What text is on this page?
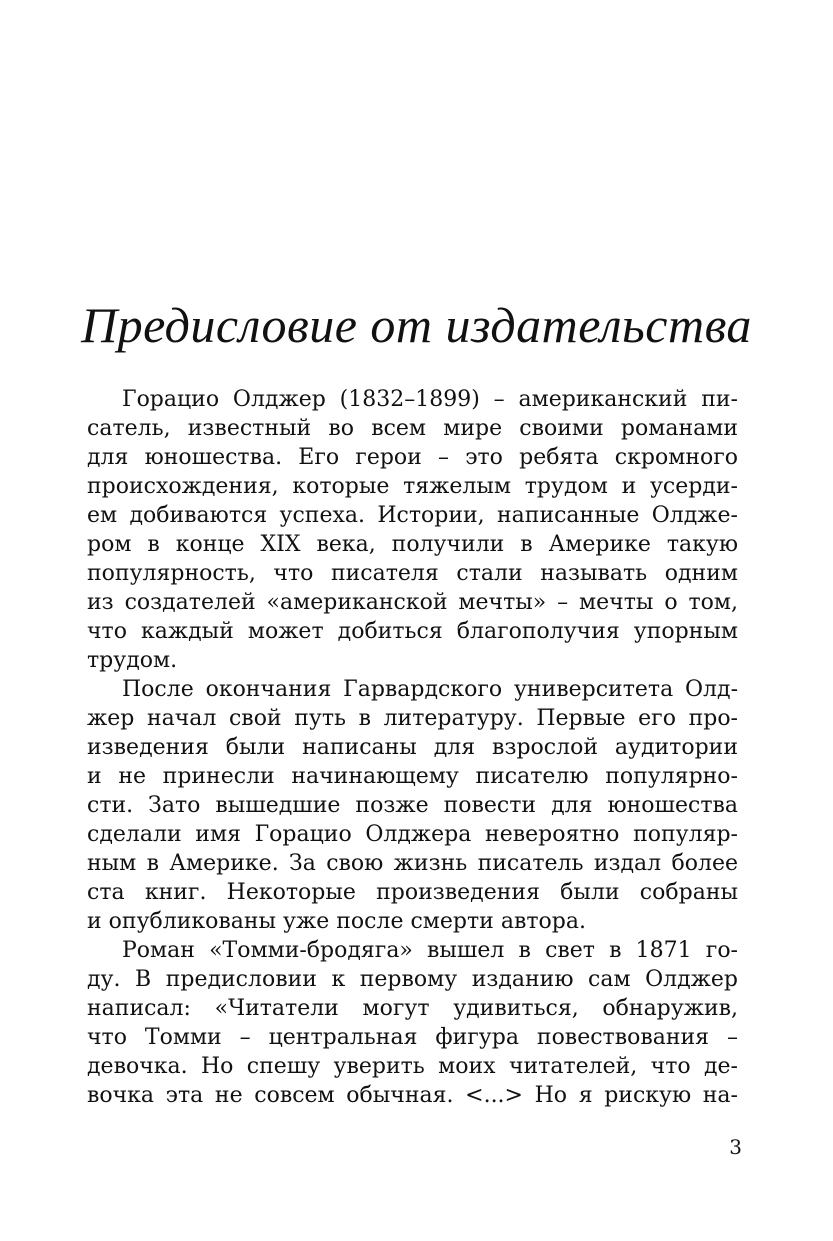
Предисловие от издательства
Горацио Олджер (1832–1899) – американский пи-
сатель, известный во всем мире своими романами
для юношества. Его герои – это ребята скромного
происхождения, которые тяжелым трудом и усерди-
ем добиваются успеха. Истории, написанные Олдже-
ром в конце XIX века, получили в Америке такую
популярность, что писателя стали называть одним
из создателей «американской мечты» – мечты о том,
что каждый может добиться благополучия упорным
трудом.
После окончания Гарвардского университета Олд-
жер начал свой путь в литературу. Первые его про-
изведения были написаны для взрослой аудитории
и не принесли начинающему писателю популярно-
сти. Зато вышедшие позже повести для юношества
сделали имя Горацио Олджера невероятно популяр-
ным в Америке. За свою жизнь писатель издал более
ста книг. Некоторые произведения были собраны
и опубликованы уже после смерти автора.
Роман «Томми-бродяга» вышел в свет в 1871 го-
ду. В предисловии к первому изданию сам Олджер
написал: «Читатели могут удивиться, обнаружив,
что Томми – центральная фигура повествования –
девочка. Но спешу уверить моих читателей, что де-
вочка эта не совсем обычная. <...> Но я рискую на-
3
